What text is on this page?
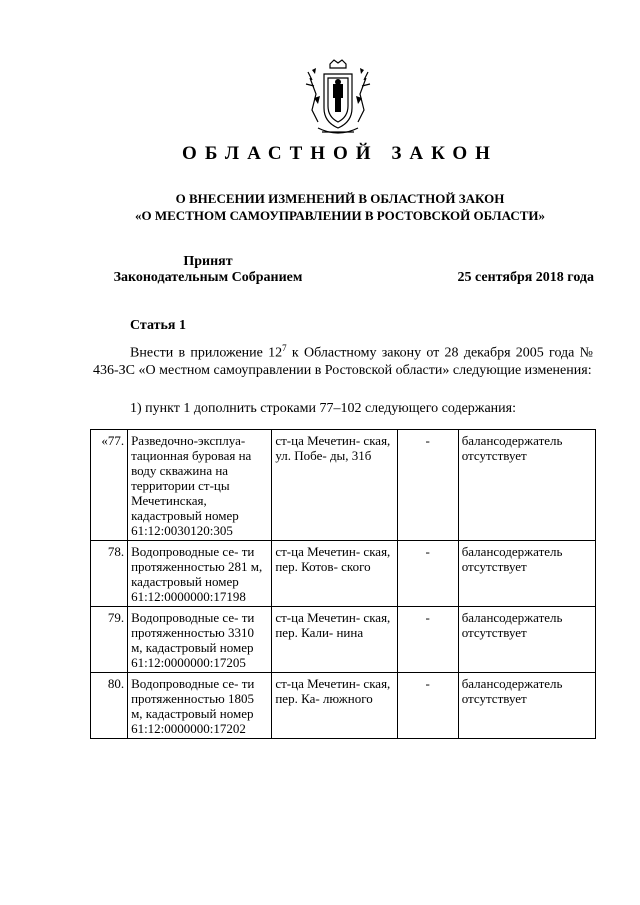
ОБЛАСТНОЙ ЗАКОН
О ВНЕСЕНИИ ИЗМЕНЕНИЙ В ОБЛАСТНОЙ ЗАКОН
«О МЕСТНОМ САМОУПРАВЛЕНИИ В РОСТОВСКОЙ ОБЛАСТИ»
Принят
Законодательным Собранием	25 сентября 2018 года
Статья 1
Внести в приложение $12^7$ к Областному закону от 28 декабря 2005 года № 436-ЗС «О местном самоуправлении в Ростовской области» следующие изменения:
1) пункт 1 дополнить строками 77–102 следующего содержания:
«77.	Разведочно-эксплуа- тационная буровая на воду скважина на территории ст-цы Мечетинская, кадастровый номер 61:12:0030120:305	ст-ца Мечетин- ская, ул. Побе- ды, 31б	-	балансодержатель отсутствует
78.	Водопроводные се- ти протяженностью 281 м, кадастровый номер 61:12:0000000:17198	ст-ца Мечетин- ская, пер. Котов- ского	-	балансодержатель отсутствует
79.	Водопроводные се- ти протяженностью 3310 м, кадастровый номер 61:12:0000000:17205	ст-ца Мечетин- ская, пер. Кали- нина	-	балансодержатель отсутствует
80.	Водопроводные се- ти протяженностью 1805 м, кадастровый номер 61:12:0000000:17202	ст-ца Мечетин- ская, пер. Ка- люжного	-	балансодержатель отсутствует
